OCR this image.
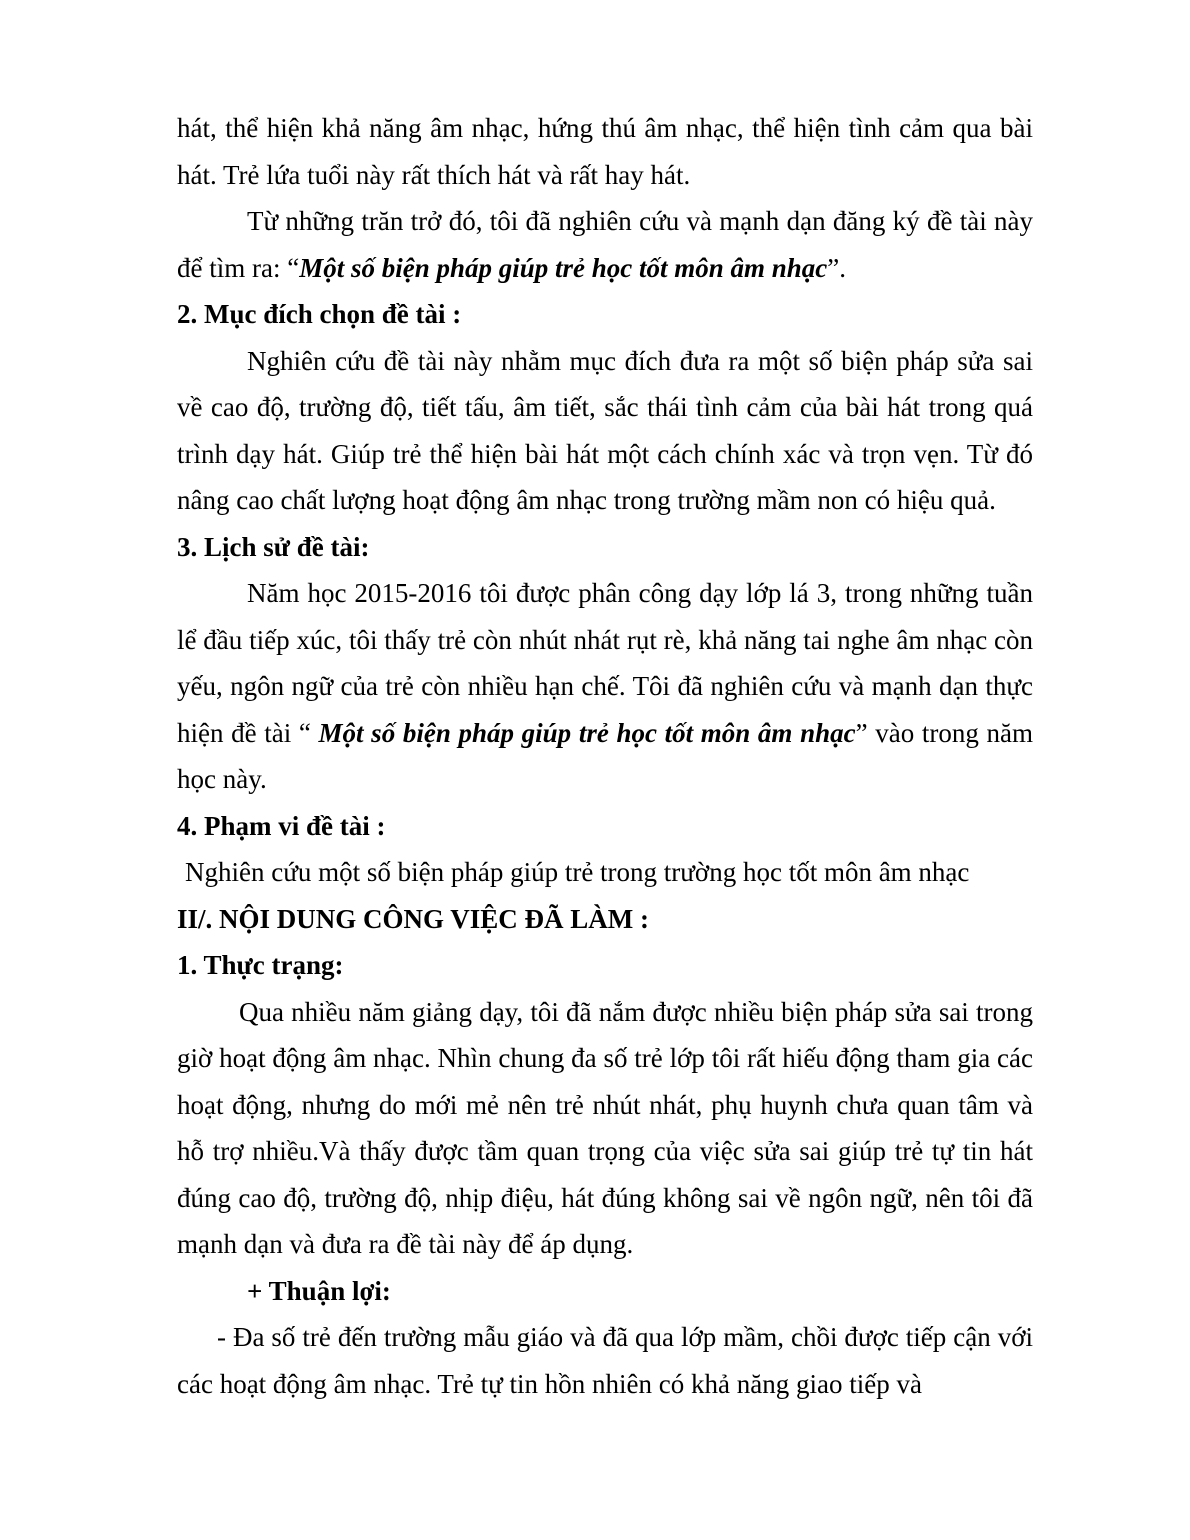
hát, thể hiện khả năng âm nhạc, hứng thú âm nhạc, thể hiện tình cảm qua bài hát. Trẻ lứa tuổi này rất thích hát và rất hay hát.

Từ những trăn trở đó, tôi đã nghiên cứu và mạnh dạn đăng ký đề tài này để tìm ra: “Một số biện pháp giúp trẻ học tốt môn âm nhạc”.

2. Mục đích chọn đề tài :

Nghiên cứu đề tài này nhằm mục đích đưa ra một số biện pháp sửa sai về cao độ, trường độ, tiết tấu, âm tiết, sắc thái tình cảm của bài hát trong quá trình dạy hát. Giúp trẻ thể hiện bài hát một cách chính xác và trọn vẹn. Từ đó nâng cao chất lượng hoạt động âm nhạc trong trường mầm non có hiệu quả.

3. Lịch sử đề tài:

Năm học 2015-2016 tôi được phân công dạy lớp lá 3, trong những tuần lể đầu tiếp xúc, tôi thấy trẻ còn nhút nhát rụt rè, khả năng tai nghe âm nhạc còn yếu, ngôn ngữ của trẻ còn nhiều hạn chế. Tôi đã nghiên cứu và mạnh dạn thực hiện đề tài “ Một số biện pháp giúp trẻ học tốt môn âm nhạc” vào trong năm học này.

4. Phạm vi đề tài :

Nghiên cứu một số biện pháp giúp trẻ trong trường học tốt môn âm nhạc

II/. NỘI DUNG CÔNG VIỆC ĐÃ LÀM :

1. Thực trạng:

Qua nhiều năm giảng dạy, tôi đã nắm được nhiều biện pháp sửa sai trong giờ hoạt động âm nhạc. Nhìn chung đa số trẻ lớp tôi rất hiếu động tham gia các hoạt động, nhưng do mới mẻ nên trẻ nhút nhát, phụ huynh chưa quan tâm và hỗ trợ nhiều.Và thấy được tầm quan trọng của việc sửa sai giúp trẻ tự tin hát đúng cao độ, trường độ, nhịp điệu, hát đúng không sai về ngôn ngữ, nên tôi đã mạnh dạn và đưa ra đề tài này để áp dụng.

+ Thuận lợi:

- Đa số trẻ đến trường mẫu giáo và đã qua lớp mầm, chồi được tiếp cận với các hoạt động âm nhạc. Trẻ tự tin hồn nhiên có khả năng giao tiếp và
